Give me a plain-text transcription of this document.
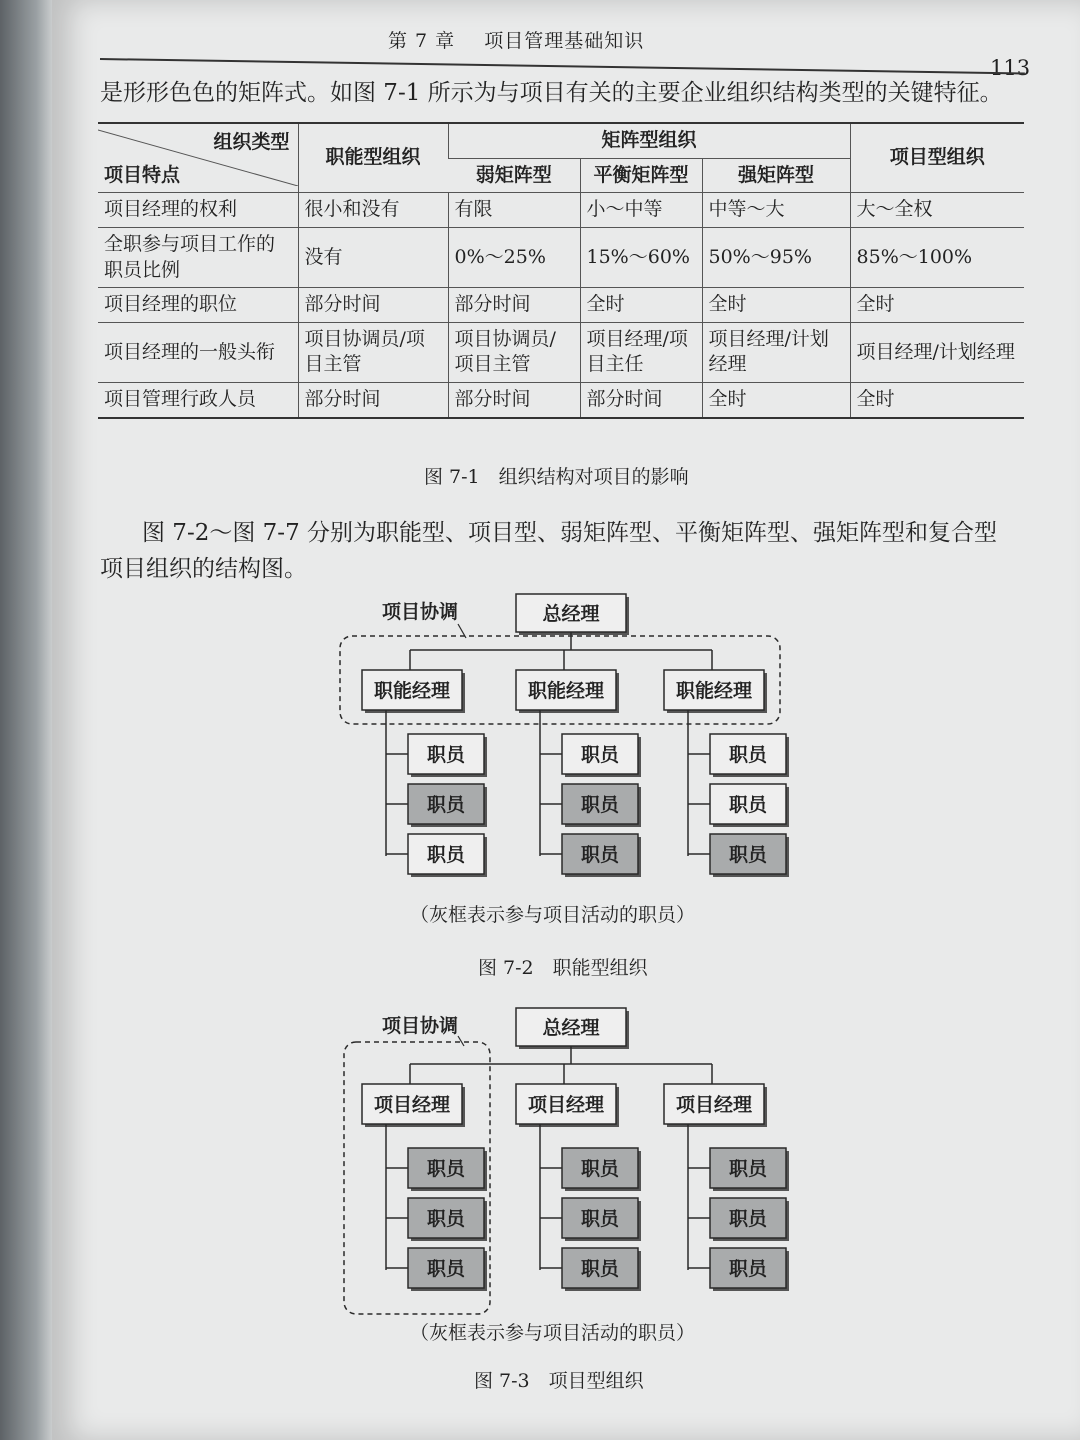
第 7 章 项目管理基础知识
113
是形形色色的矩阵式。如图 7-1 所示为与项目有关的主要企业组织结构类型的关键特征。
组织类型
项目特点	职能型组织	矩阵型组织			项目型组织
		弱矩阵型	平衡矩阵型	强矩阵型	
项目经理的权利	很小和没有	有限	小～中等	中等～大	大～全权
全职参与项目工作的职员比例	没有	0%～25%	15%～60%	50%～95%	85%～100%
项目经理的职位	部分时间	部分时间	全时	全时	全时
项目经理的一般头衔	项目协调员/项目主管	项目协调员/项目主管	项目经理/项目主任	项目经理/计划经理	项目经理/计划经理
项目管理行政人员	部分时间	部分时间	部分时间	全时	全时
图 7-1　组织结构对项目的影响
图 7-2～图 7-7 分别为职能型、项目型、弱矩阵型、平衡矩阵型、强矩阵型和复合型
项目组织的结构图。
总经理
项目协调
职能经理	职能经理	职能经理
职员
职员
职员
职员
职员
职员
职员
职员
职员
（灰框表示参与项目活动的职员）
图 7-2　职能型组织
总经理
项目协调
项目经理	项目经理	项目经理
职员
职员
职员
职员
职员
职员
职员
职员
职员
（灰框表示参与项目活动的职员）
图 7-3　项目型组织
